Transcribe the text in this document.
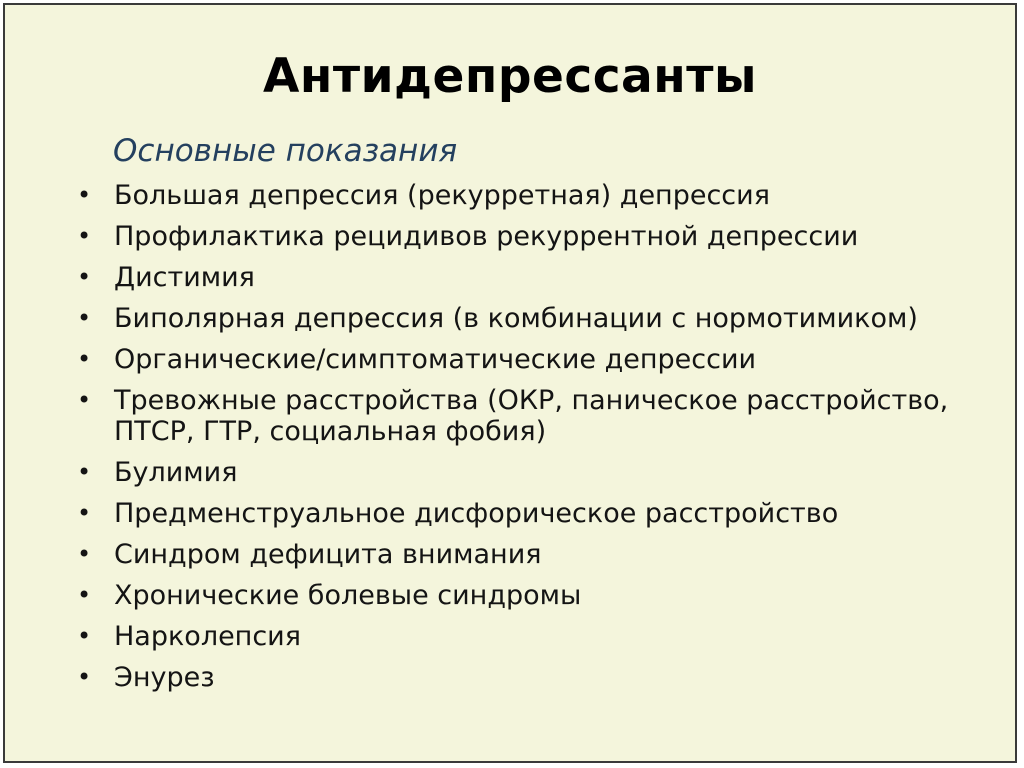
Антидепрессанты
Основные показания
• Большая депрессия (рекурретная) депрессия
• Профилактика рецидивов рекуррентной депрессии
• Дистимия
• Биполярная депрессия (в комбинации с нормотимиком)
• Органические/симптоматические депрессии
• Тревожные расстройства (ОКР, паническое расстройство, ПТСР, ГТР, социальная фобия)
• Булимия
• Предменструальное дисфорическое расстройство
• Синдром дефицита внимания
• Хронические болевые синдромы
• Нарколепсия
• Энурез
